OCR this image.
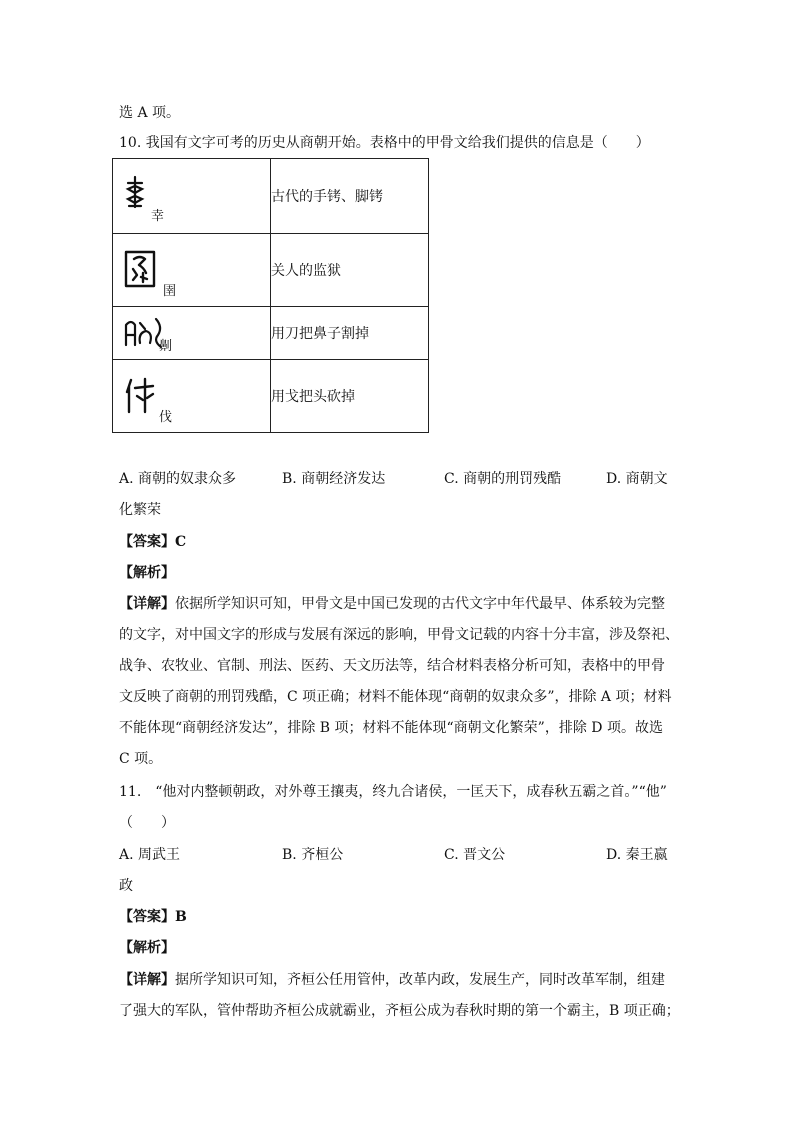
选 A 项。
10. 我国有文字可考的历史从商朝开始。表格中的甲骨文给我们提供的信息是（　　）
幸	古代的手铐、脚铐

圉	关人的监狱

劓	用刀把鼻子割掉

伐	用戈把头砍掉
A. 商朝的奴隶众多	B. 商朝经济发达	C. 商朝的刑罚残酷	D. 商朝文
化繁荣
【答案】C
【解析】
【详解】依据所学知识可知，甲骨文是中国已发现的古代文字中年代最早、体系较为完整
的文字，对中国文字的形成与发展有深远的影响，甲骨文记载的内容十分丰富，涉及祭祀、
战争、农牧业、官制、刑法、医药、天文历法等，结合材料表格分析可知，表格中的甲骨
文反映了商朝的刑罚残酷，C 项正确；材料不能体现“商朝的奴隶众多”，排除 A 项；材料
不能体现“商朝经济发达”，排除 B 项；材料不能体现“商朝文化繁荣”，排除 D 项。故选
C 项。
11.　“他对内整顿朝政，对外尊王攘夷，终九合诸侯，一匡天下，成春秋五霸之首。”“他”
（　　）
A. 周武王	B. 齐桓公	C. 晋文公	D. 秦王嬴
政
【答案】B
【解析】
【详解】据所学知识可知，齐桓公任用管仲，改革内政，发展生产，同时改革军制，组建
了强大的军队，管仲帮助齐桓公成就霸业，齐桓公成为春秋时期的第一个霸主，B 项正确；
